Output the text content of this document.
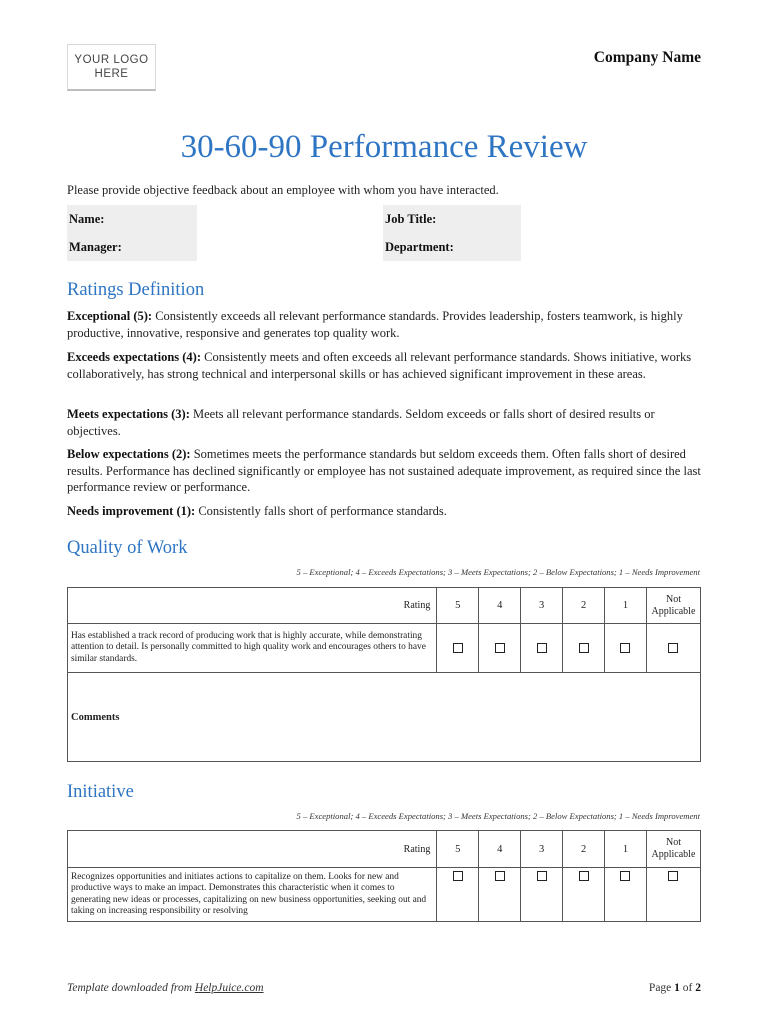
YOUR LOGO
HERE
Company Name
30-60-90 Performance Review
Please provide objective feedback about an employee with whom you have interacted.
Name:	Job Title:
Manager:	Department:
Ratings Definition

Exceptional (5): Consistently exceeds all relevant performance standards. Provides leadership, fosters teamwork, is highly productive, innovative, responsive and generates top quality work.

Exceeds expectations (4): Consistently meets and often exceeds all relevant performance standards. Shows initiative, works collaboratively, has strong technical and interpersonal skills or has achieved significant improvement in these areas.

Meets expectations (3): Meets all relevant performance standards. Seldom exceeds or falls short of desired results or objectives.

Below expectations (2): Sometimes meets the performance standards but seldom exceeds them. Often falls short of desired results. Performance has declined significantly or employee has not sustained adequate improvement, as required since the last performance review or performance.

Needs improvement (1): Consistently falls short of performance standards.

Quality of Work
5 – Exceptional; 4 – Exceeds Expectations; 3 – Meets Expectations; 2 – Below Expectations; 1 – Needs Improvement
Rating	5	4	3	2	1	Not
Applicable
Has established a track record of producing work that is highly accurate, while demonstrating attention to detail. Is personally committed to high quality work and encourages others to have similar standards.						
Comments						
Initiative
5 – Exceptional; 4 – Exceeds Expectations; 3 – Meets Expectations; 2 – Below Expectations; 1 – Needs Improvement
Rating	5	4	3	2	1	Not
Applicable
Recognizes opportunities and initiates actions to capitalize on them. Looks for new and productive ways to make an impact. Demonstrates this characteristic when it comes to generating new ideas or processes, capitalizing on new business opportunities, seeking out and taking on increasing responsibility or resolving						
Template downloaded from HelpJuice.com	Page 1 of 2
